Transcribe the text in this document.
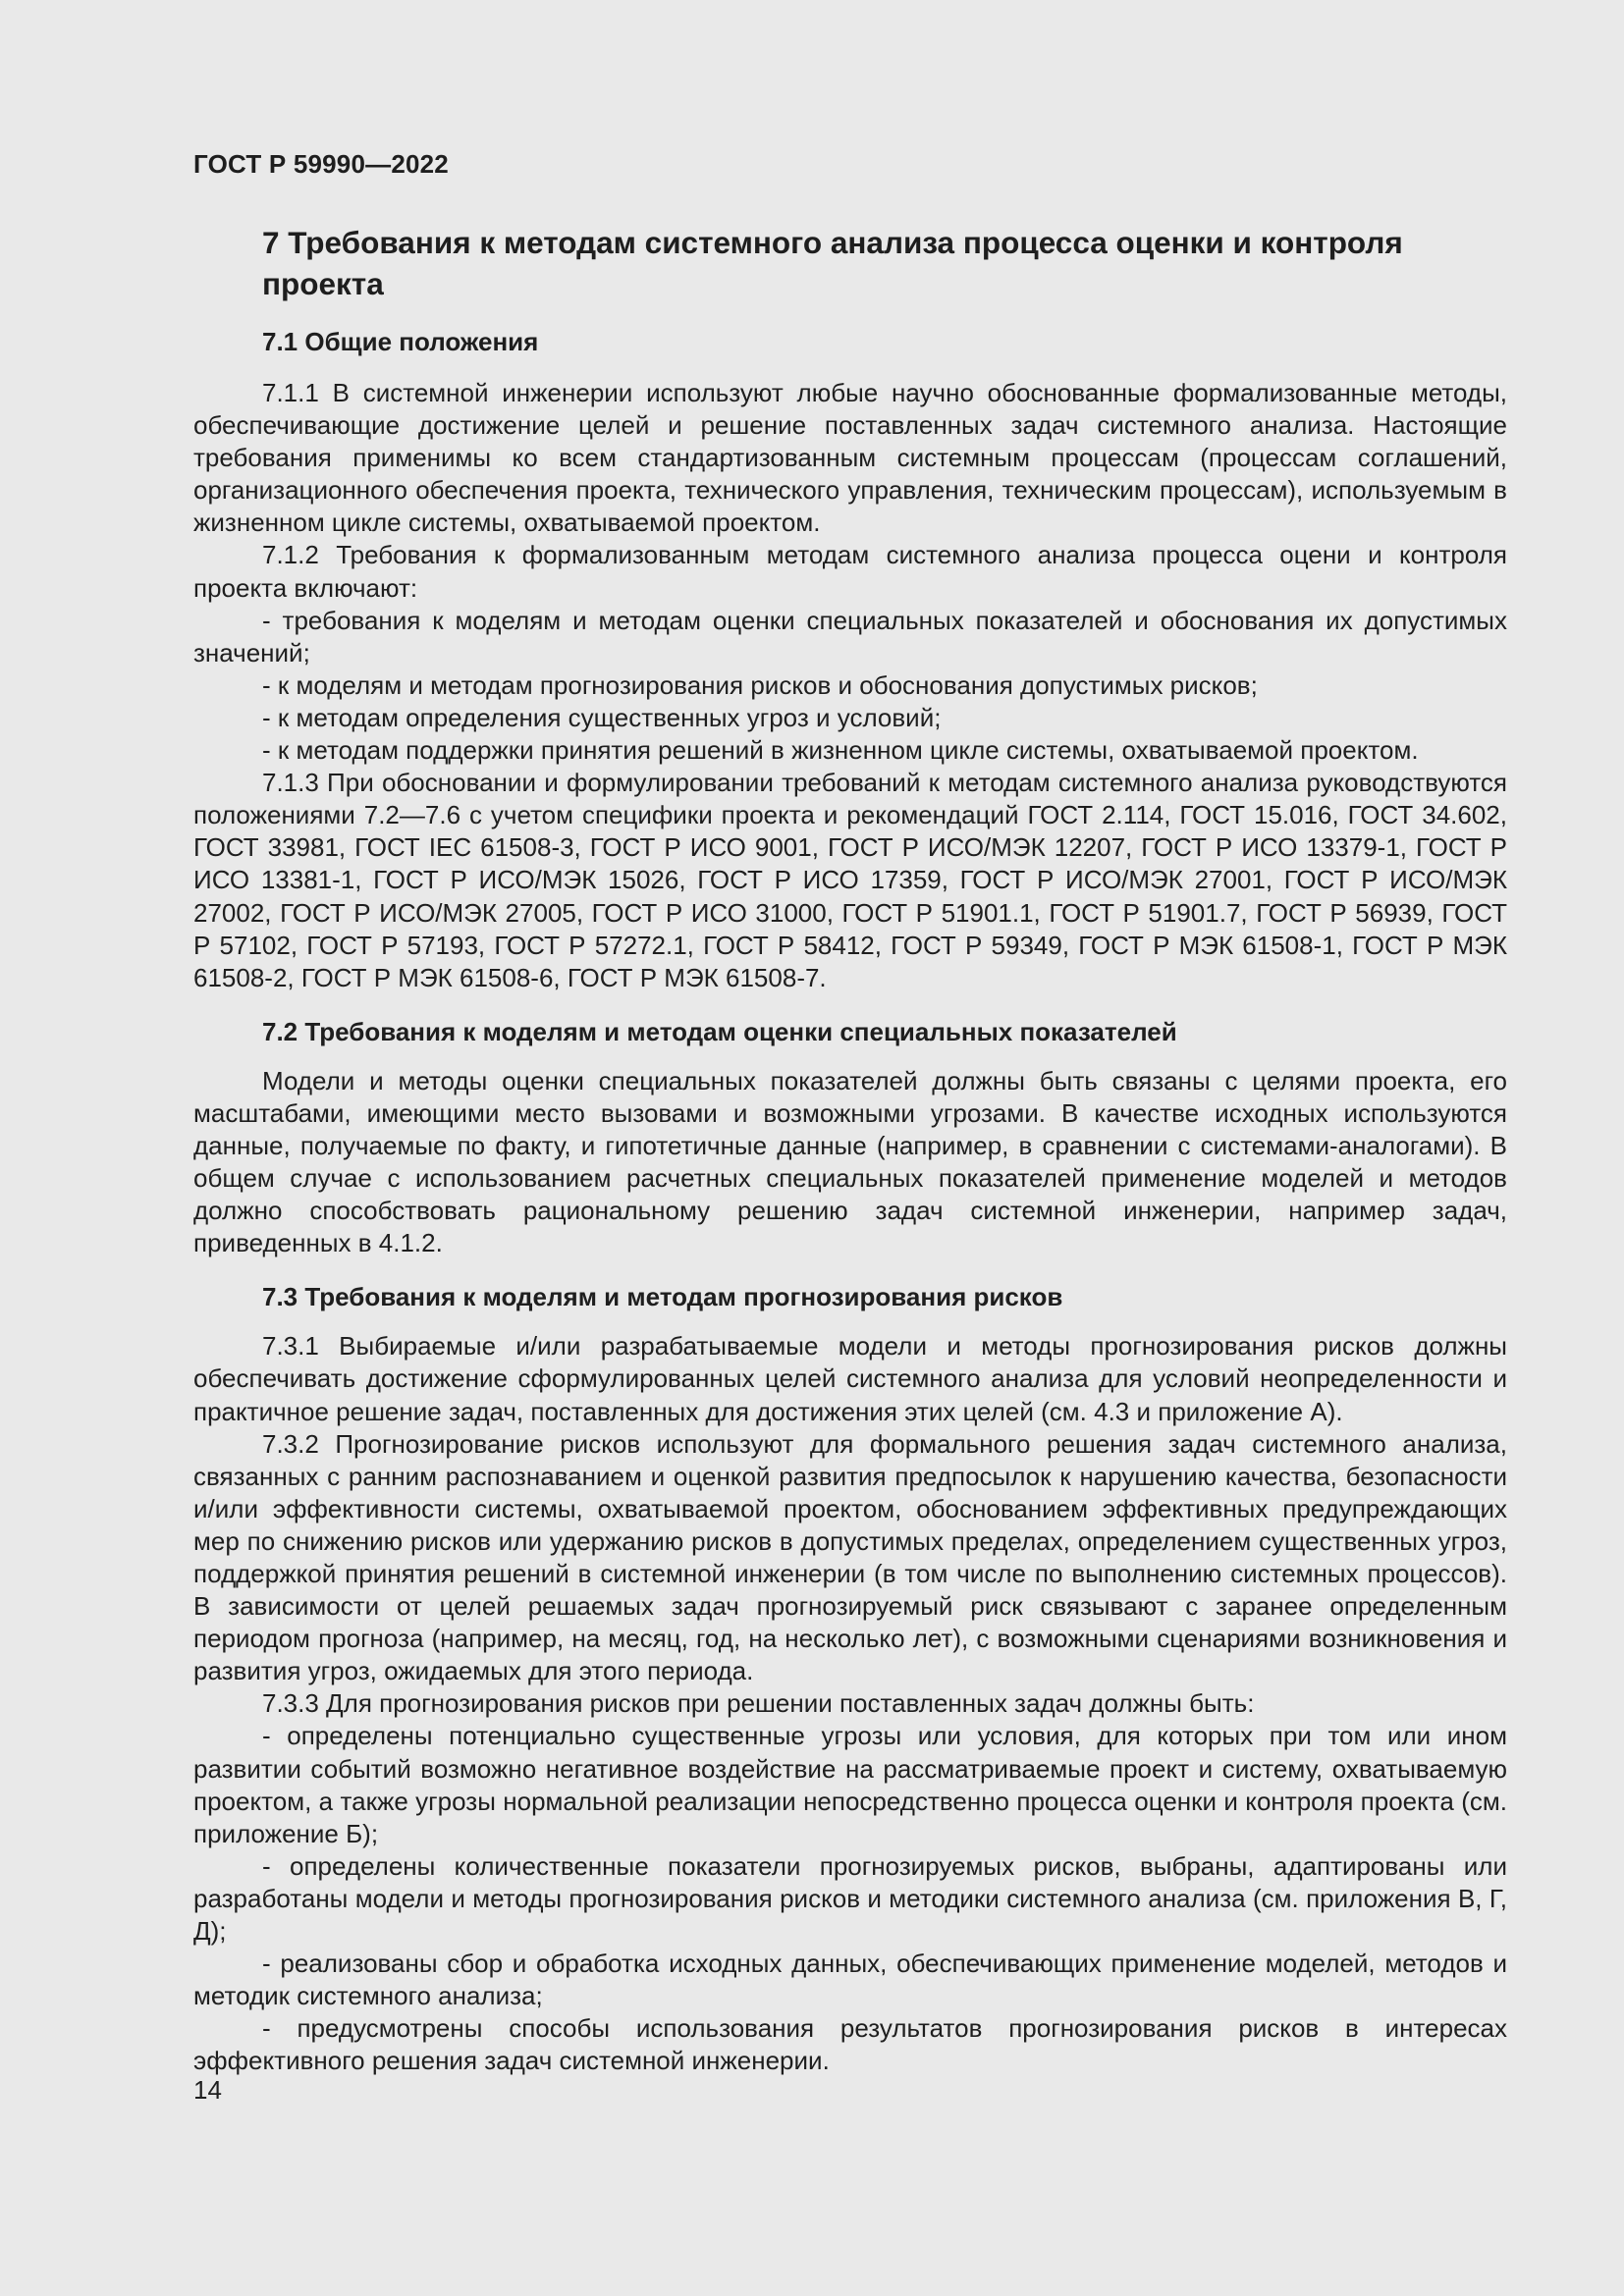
ГОСТ Р 59990—2022
7 Требования к методам системного анализа процесса оценки и контроля проекта
7.1 Общие положения

7.1.1 В системной инженерии используют любые научно обоснованные формализованные методы, обеспечивающие достижение целей и решение поставленных задач системного анализа. Настоящие требования применимы ко всем стандартизованным системным процессам (процессам соглашений, организационного обеспечения проекта, технического управления, техническим процессам), используемым в жизненном цикле системы, охватываемой проектом.

7.1.2 Требования к формализованным методам системного анализа процесса оцени и контроля проекта включают:

- требования к моделям и методам оценки специальных показателей и обоснования их допустимых значений;

- к моделям и методам прогнозирования рисков и обоснования допустимых рисков;

- к методам определения существенных угроз и условий;

- к методам поддержки принятия решений в жизненном цикле системы, охватываемой проектом.

7.1.3 При обосновании и формулировании требований к методам системного анализа руководствуются положениями 7.2—7.6 с учетом специфики проекта и рекомендаций ГОСТ 2.114, ГОСТ 15.016, ГОСТ 34.602, ГОСТ 33981, ГОСТ IEC 61508-3, ГОСТ Р ИСО 9001, ГОСТ Р ИСО/МЭК 12207, ГОСТ Р ИСО 13379-1, ГОСТ Р ИСО 13381-1, ГОСТ Р ИСО/МЭК 15026, ГОСТ Р ИСО 17359, ГОСТ Р ИСО/МЭК 27001, ГОСТ Р ИСО/МЭК 27002, ГОСТ Р ИСО/МЭК 27005, ГОСТ Р ИСО 31000, ГОСТ Р 51901.1, ГОСТ Р 51901.7, ГОСТ Р 56939, ГОСТ Р 57102, ГОСТ Р 57193, ГОСТ Р 57272.1, ГОСТ Р 58412, ГОСТ Р 59349, ГОСТ Р МЭК 61508-1, ГОСТ Р МЭК 61508-2, ГОСТ Р МЭК 61508-6, ГОСТ Р МЭК 61508-7.

7.2 Требования к моделям и методам оценки специальных показателей

Модели и методы оценки специальных показателей должны быть связаны с целями проекта, его масштабами, имеющими место вызовами и возможными угрозами. В качестве исходных используются данные, получаемые по факту, и гипотетичные данные (например, в сравнении с системами-аналогами). В общем случае с использованием расчетных специальных показателей применение моделей и методов должно способствовать рациональному решению задач системной инженерии, например задач, приведенных в 4.1.2.

7.3 Требования к моделям и методам прогнозирования рисков

7.3.1 Выбираемые и/или разрабатываемые модели и методы прогнозирования рисков должны обеспечивать достижение сформулированных целей системного анализа для условий неопределенности и практичное решение задач, поставленных для достижения этих целей (см. 4.3 и приложение А).

7.3.2 Прогнозирование рисков используют для формального решения задач системного анализа, связанных с ранним распознаванием и оценкой развития предпосылок к нарушению качества, безопасности и/или эффективности системы, охватываемой проектом, обоснованием эффективных предупреждающих мер по снижению рисков или удержанию рисков в допустимых пределах, определением существенных угроз, поддержкой принятия решений в системной инженерии (в том числе по выполнению системных процессов). В зависимости от целей решаемых задач прогнозируемый риск связывают с заранее определенным периодом прогноза (например, на месяц, год, на несколько лет), с возможными сценариями возникновения и развития угроз, ожидаемых для этого периода.

7.3.3 Для прогнозирования рисков при решении поставленных задач должны быть:

- определены потенциально существенные угрозы или условия, для которых при том или ином развитии событий возможно негативное воздействие на рассматриваемые проект и систему, охватываемую проектом, а также угрозы нормальной реализации непосредственно процесса оценки и контроля проекта (см. приложение Б);

- определены количественные показатели прогнозируемых рисков, выбраны, адаптированы или разработаны модели и методы прогнозирования рисков и методики системного анализа (см. приложения В, Г, Д);

- реализованы сбор и обработка исходных данных, обеспечивающих применение моделей, методов и методик системного анализа;

- предусмотрены способы использования результатов прогнозирования рисков в интересах эффективного решения задач системной инженерии.

14
